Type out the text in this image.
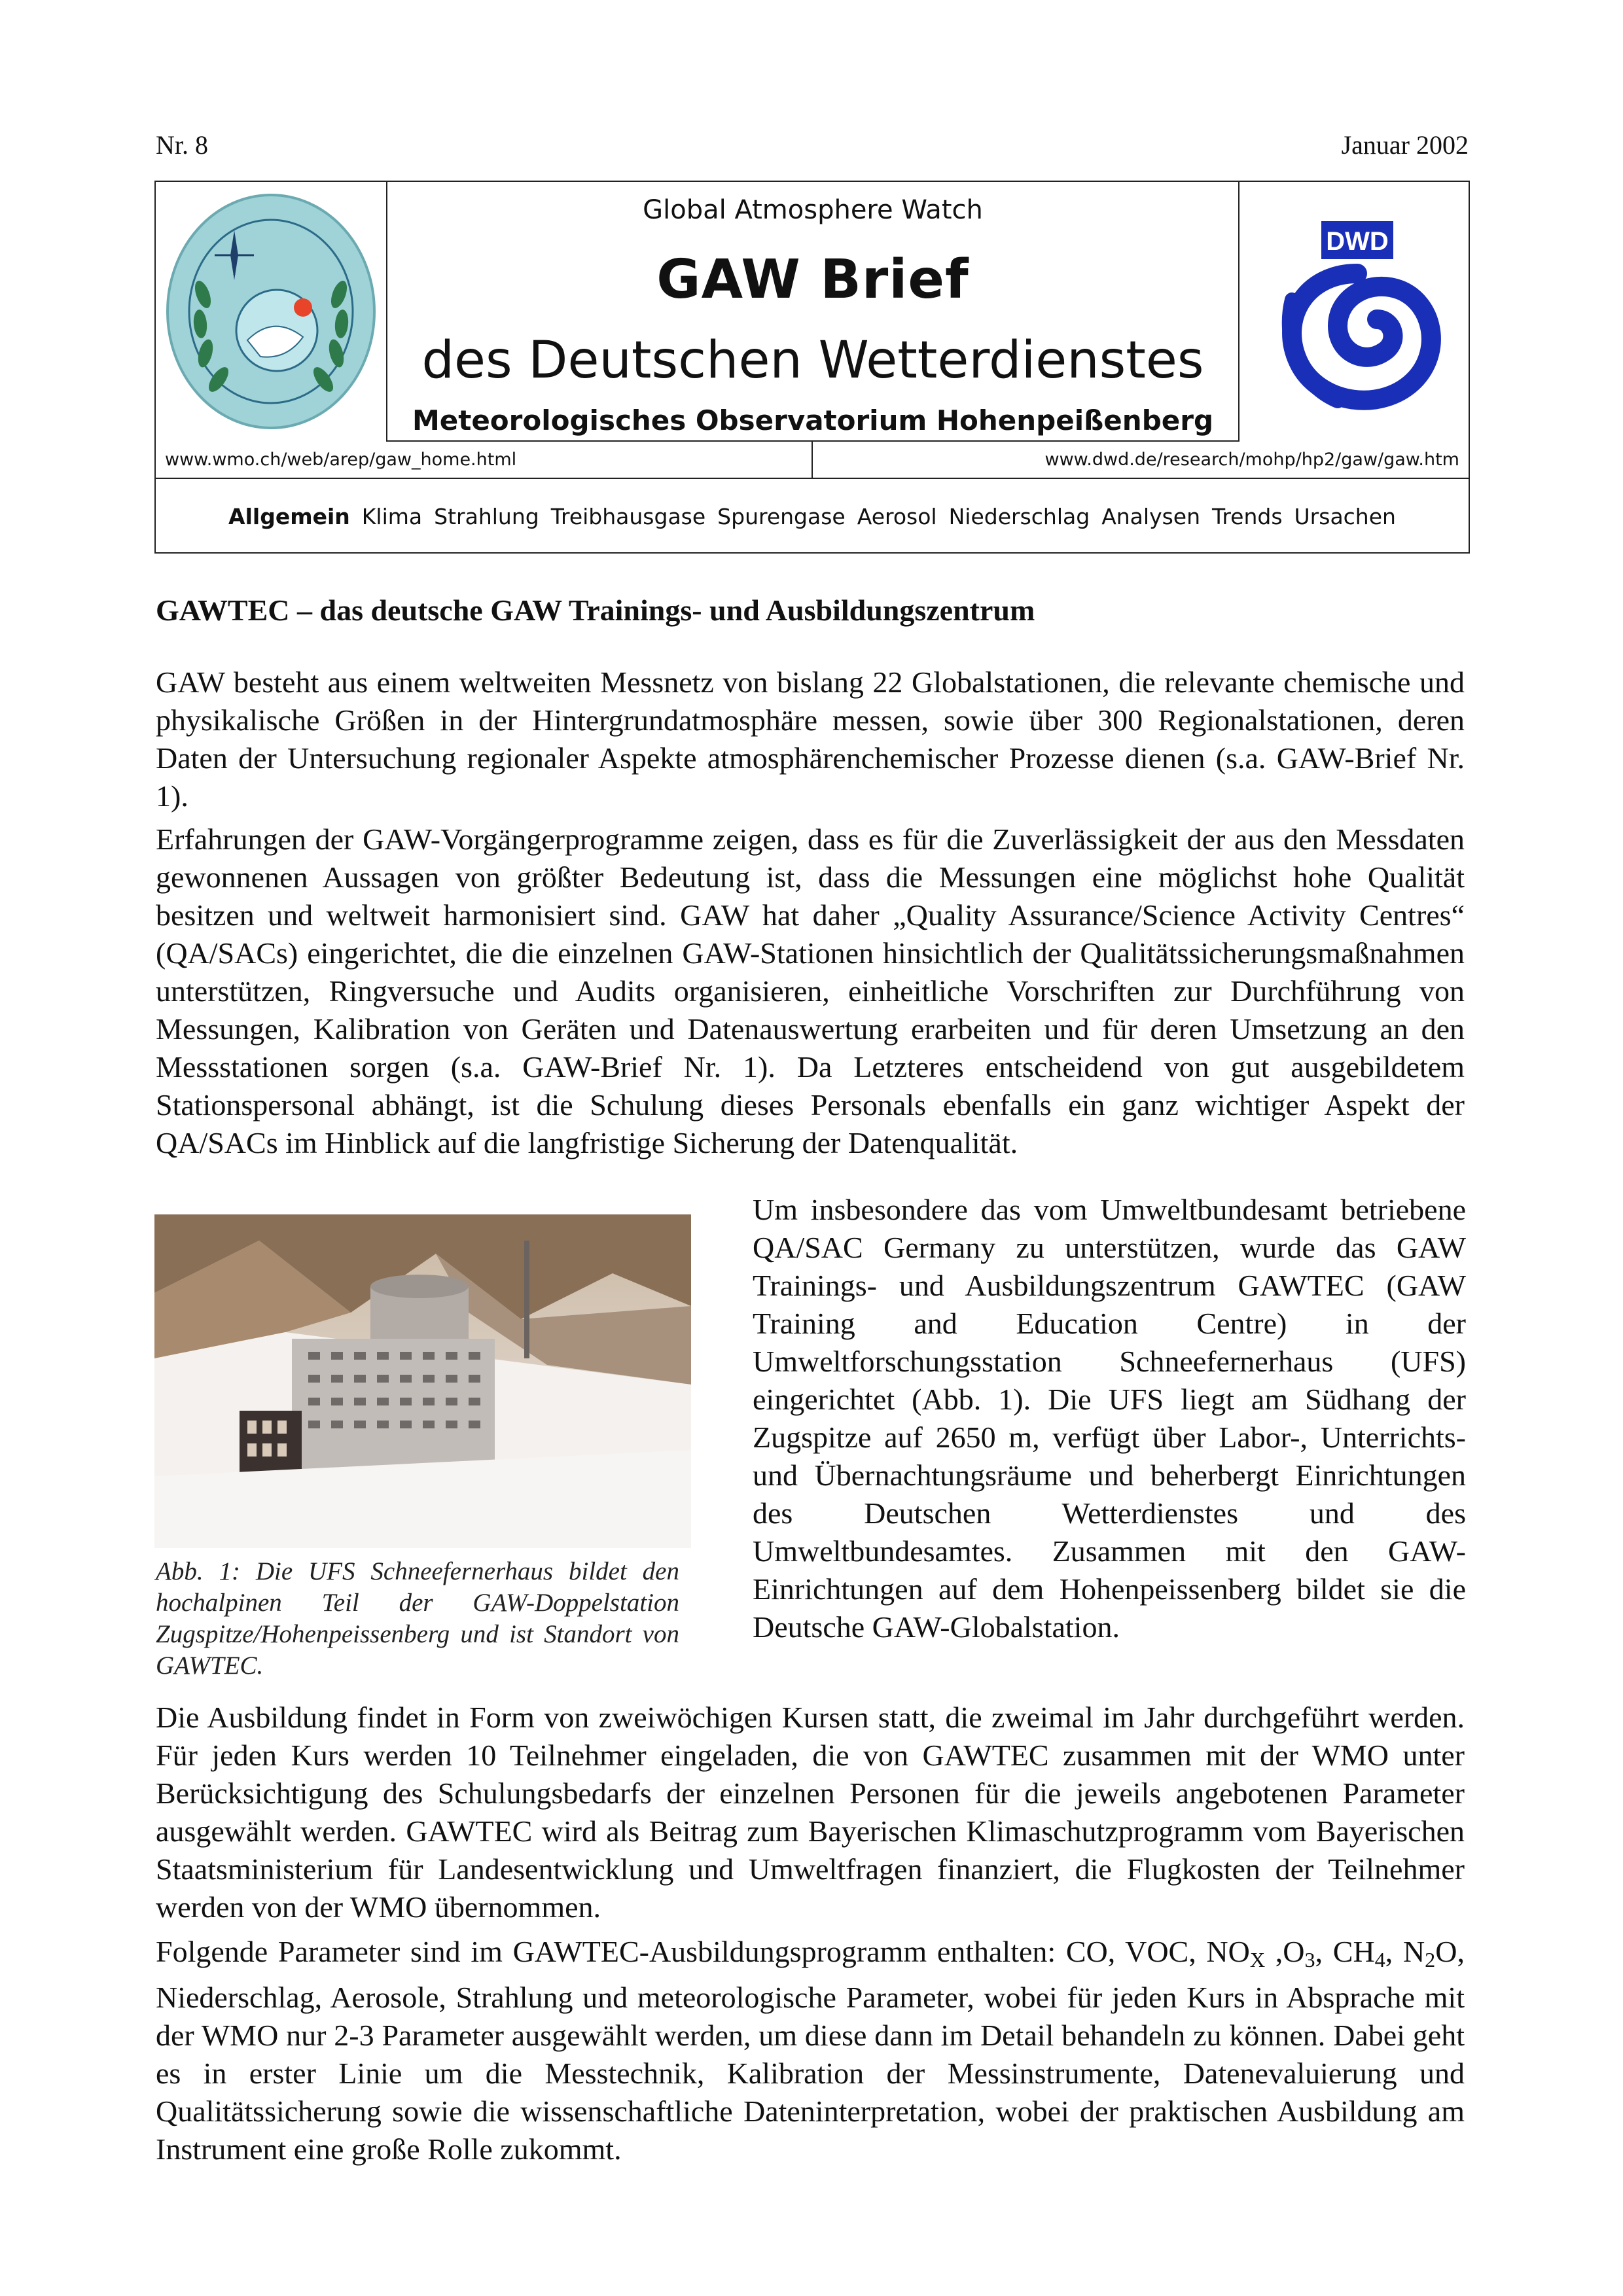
Nr. 8	Januar 2002
Global Atmosphere Watch
GAW Brief
des Deutschen Wetterdienstes
Meteorologisches Observatorium Hohenpeißenberg
DWD
www.wmo.ch/web/arep/gaw_home.html	www.dwd.de/research/mohp/hp2/gaw/gaw.htm
Allgemein Klima Strahlung Treibhausgase Spurengase Aerosol Niederschlag Analysen Trends Ursachen
GAWTEC – das deutsche GAW Trainings- und Ausbildungszentrum
GAW besteht aus einem weltweiten Messnetz von bislang 22 Globalstationen, die relevante chemische und physikalische Größen in der Hintergrundatmosphäre messen, sowie über 300 Regionalstationen, deren Daten der Untersuchung regionaler Aspekte atmosphärenchemischer Prozesse dienen (s.a. GAW-Brief Nr. 1).
Erfahrungen der GAW-Vorgängerprogramme zeigen, dass es für die Zuverlässigkeit der aus den Messdaten gewonnenen Aussagen von größter Bedeutung ist, dass die Messungen eine möglichst hohe Qualität besitzen und weltweit harmonisiert sind. GAW hat daher „Quality Assurance/Science Activity Centres“ (QA/SACs) eingerichtet, die die einzelnen GAW-Stationen hinsichtlich der Qualitätssicherungsmaßnahmen unterstützen, Ringversuche und Audits organisieren, einheitliche Vorschriften zur Durchführung von Messungen, Kalibration von Geräten und Datenauswertung erarbeiten und für deren Umsetzung an den Messstationen sorgen (s.a. GAW-Brief Nr. 1). Da Letzteres entscheidend von gut ausgebildetem Stationspersonal abhängt, ist die Schulung dieses Personals ebenfalls ein ganz wichtiger Aspekt der QA/SACs im Hinblick auf die langfristige Sicherung der Datenqualität.
Abb. 1: Die UFS Schneefernerhaus bildet den hochalpinen Teil der GAW-Doppelstation Zugspitze/Hohenpeissenberg und ist Standort von GAWTEC.
Um insbesondere das vom Umweltbundesamt betriebene QA/SAC Germany zu unterstützen, wurde das GAW Trainings- und Ausbildungszentrum GAWTEC (GAW Training and Education Centre) in der Umweltforschungsstation Schneefernerhaus (UFS) eingerichtet (Abb. 1). Die UFS liegt am Südhang der Zugspitze auf 2650 m, verfügt über Labor-, Unterrichts- und Übernachtungsräume und beherbergt Einrichtungen des Deutschen Wetterdienstes und des Umweltbundesamtes. Zusammen mit den GAW-Einrichtungen auf dem Hohenpeissenberg bildet sie die Deutsche GAW-Globalstation.
Die Ausbildung findet in Form von zweiwöchigen Kursen statt, die zweimal im Jahr durchgeführt werden. Für jeden Kurs werden 10 Teilnehmer eingeladen, die von GAWTEC zusammen mit der WMO unter Berücksichtigung des Schulungsbedarfs der einzelnen Personen für die jeweils angebotenen Parameter ausgewählt werden. GAWTEC wird als Beitrag zum Bayerischen Klimaschutzprogramm vom Bayerischen Staatsministerium für Landesentwicklung und Umweltfragen finanziert, die Flugkosten der Teilnehmer werden von der WMO übernommen.
Folgende Parameter sind im GAWTEC-Ausbildungsprogramm enthalten: CO, VOC, $NO_X$ $,O_3$, $CH_4$, $N_2O$, Niederschlag, Aerosole, Strahlung und meteorologische Parameter, wobei für jeden Kurs in Absprache mit der WMO nur 2-3 Parameter ausgewählt werden, um diese dann im Detail behandeln zu können. Dabei geht es in erster Linie um die Messtechnik, Kalibration der Messinstrumente, Datenevaluierung und Qualitätssicherung sowie die wissenschaftliche Dateninterpretation, wobei der praktischen Ausbildung am Instrument eine große Rolle zukommt.
